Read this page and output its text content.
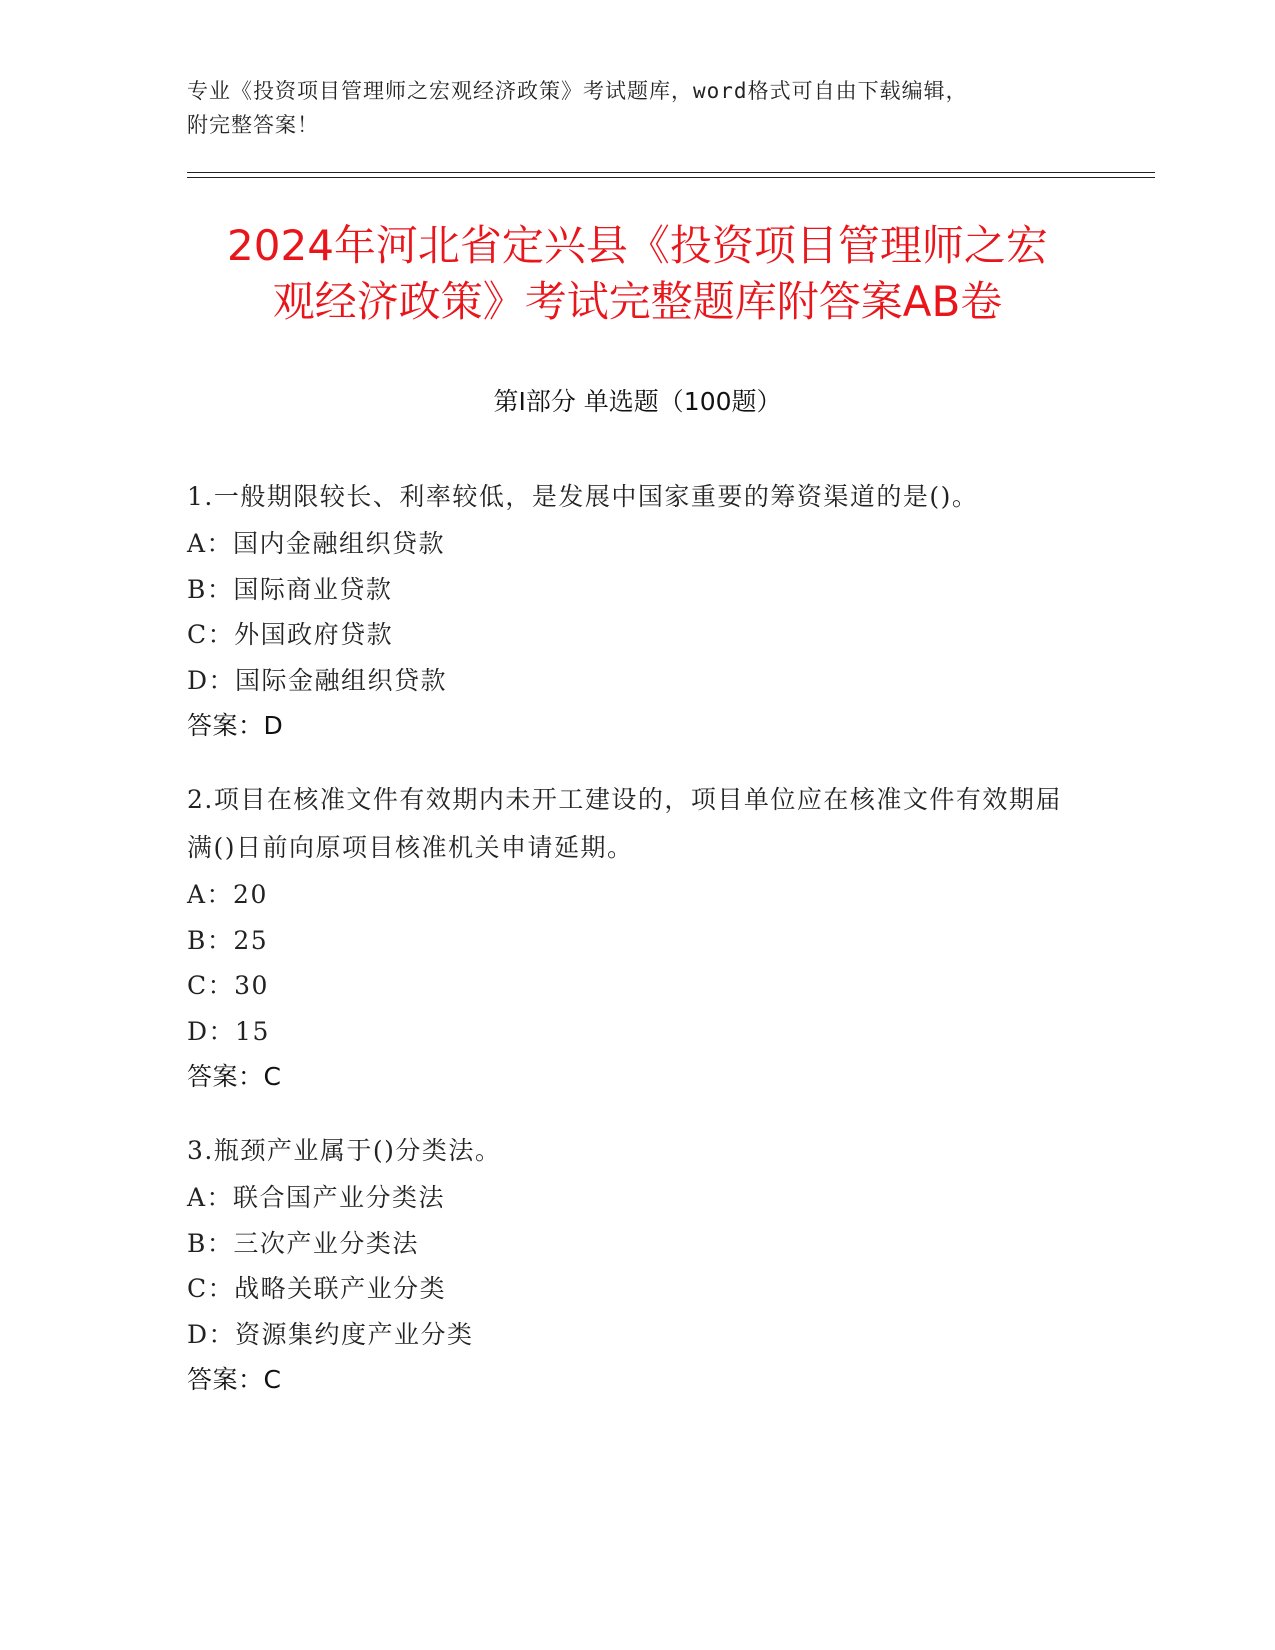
专业《投资项目管理师之宏观经济政策》考试题库，word格式可自由下载编辑，
附完整答案！
2024年河北省定兴县《投资项目管理师之宏
观经济政策》考试完整题库附答案AB卷
第Ⅰ部分 单选题（100题）
1.一般期限较长、利率较低，是发展中国家重要的筹资渠道的是()。
A：国内金融组织贷款
B：国际商业贷款
C：外国政府贷款
D：国际金融组织贷款
答案：D
2.项目在核准文件有效期内未开工建设的，项目单位应在核准文件有效期届满()日前向原项目核准机关申请延期。
A：20
B：25
C：30
D：15
答案：C
3.瓶颈产业属于()分类法。
A：联合国产业分类法
B：三次产业分类法
C：战略关联产业分类
D：资源集约度产业分类
答案：C
